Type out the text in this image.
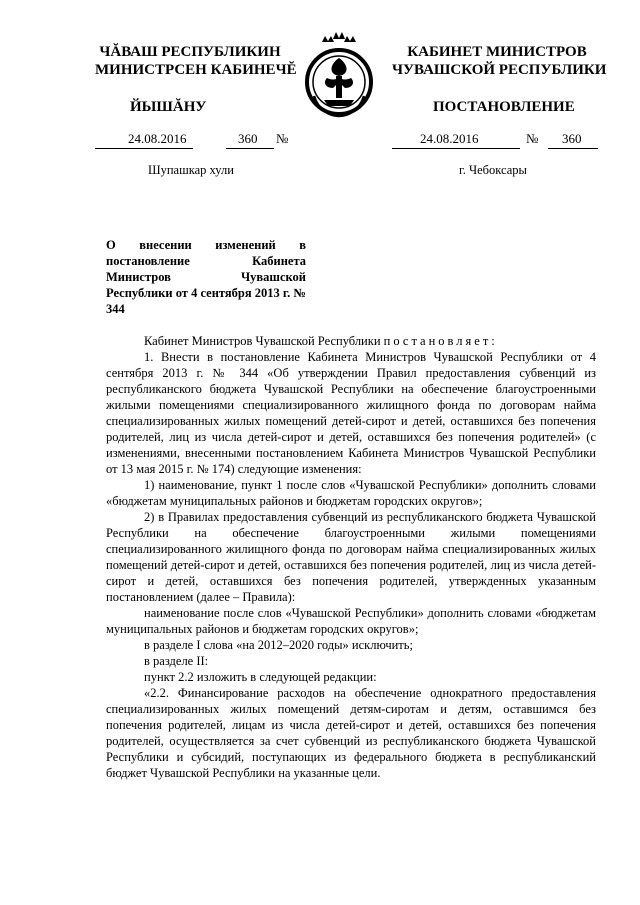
ЧĂВАШ РЕСПУБЛИКИН
МИНИСТРСЕН КАБИНЕЧĔ
ЙЫШĂНУ
КАБИНЕТ МИНИСТРОВ
ЧУВАШСКОЙ РЕСПУБЛИКИ
ПОСТАНОВЛЕНИЕ
24.08.2016	360 №	24.08.2016	№ 360
Шупашкар хули	г. Чебоксары
О внесении изменений в постановление Кабинета Министров Чувашской Республики от 4 сентября 2013 г. № 344

Кабинет Министров Чувашской Республики постановляет:

1. Внести в постановление Кабинета Министров Чувашской Республики от 4 сентября 2013 г. № 344 «Об утверждении Правил предоставления субвенций из республиканского бюджета Чувашской Республики на обеспечение благоустроенными жилыми помещениями специализированного жилищного фонда по договорам найма специализированных жилых помещений детей-сирот и детей, оставшихся без попечения родителей, лиц из числа детей-сирот и детей, оставшихся без попечения родителей» (с изменениями, внесенными постановлением Кабинета Министров Чувашской Республики от 13 мая 2015 г. № 174) следующие изменения:

1) наименование, пункт 1 после слов «Чувашской Республики» дополнить словами «бюджетам муниципальных районов и бюджетам городских округов»;

2) в Правилах предоставления субвенций из республиканского бюджета Чувашской Республики на обеспечение благоустроенными жилыми помещениями специализированного жилищного фонда по договорам найма специализированных жилых помещений детей-сирот и детей, оставшихся без попечения родителей, лиц из числа детей-сирот и детей, оставшихся без попечения родителей, утвержденных указанным постановлением (далее – Правила):

наименование после слов «Чувашской Республики» дополнить словами «бюджетам муниципальных районов и бюджетам городских округов»;

в разделе I слова «на 2012–2020 годы» исключить;

в разделе II:

пункт 2.2 изложить в следующей редакции:

«2.2. Финансирование расходов на обеспечение однократного предоставления специализированных жилых помещений детям-сиротам и детям, оставшимся без попечения родителей, лицам из числа детей-сирот и детей, оставшихся без попечения родителей, осуществляется за счет субвенций из республиканского бюджета Чувашской Республики и субсидий, поступающих из федерального бюджета в республиканский бюджет Чувашской Республики на указанные цели.
